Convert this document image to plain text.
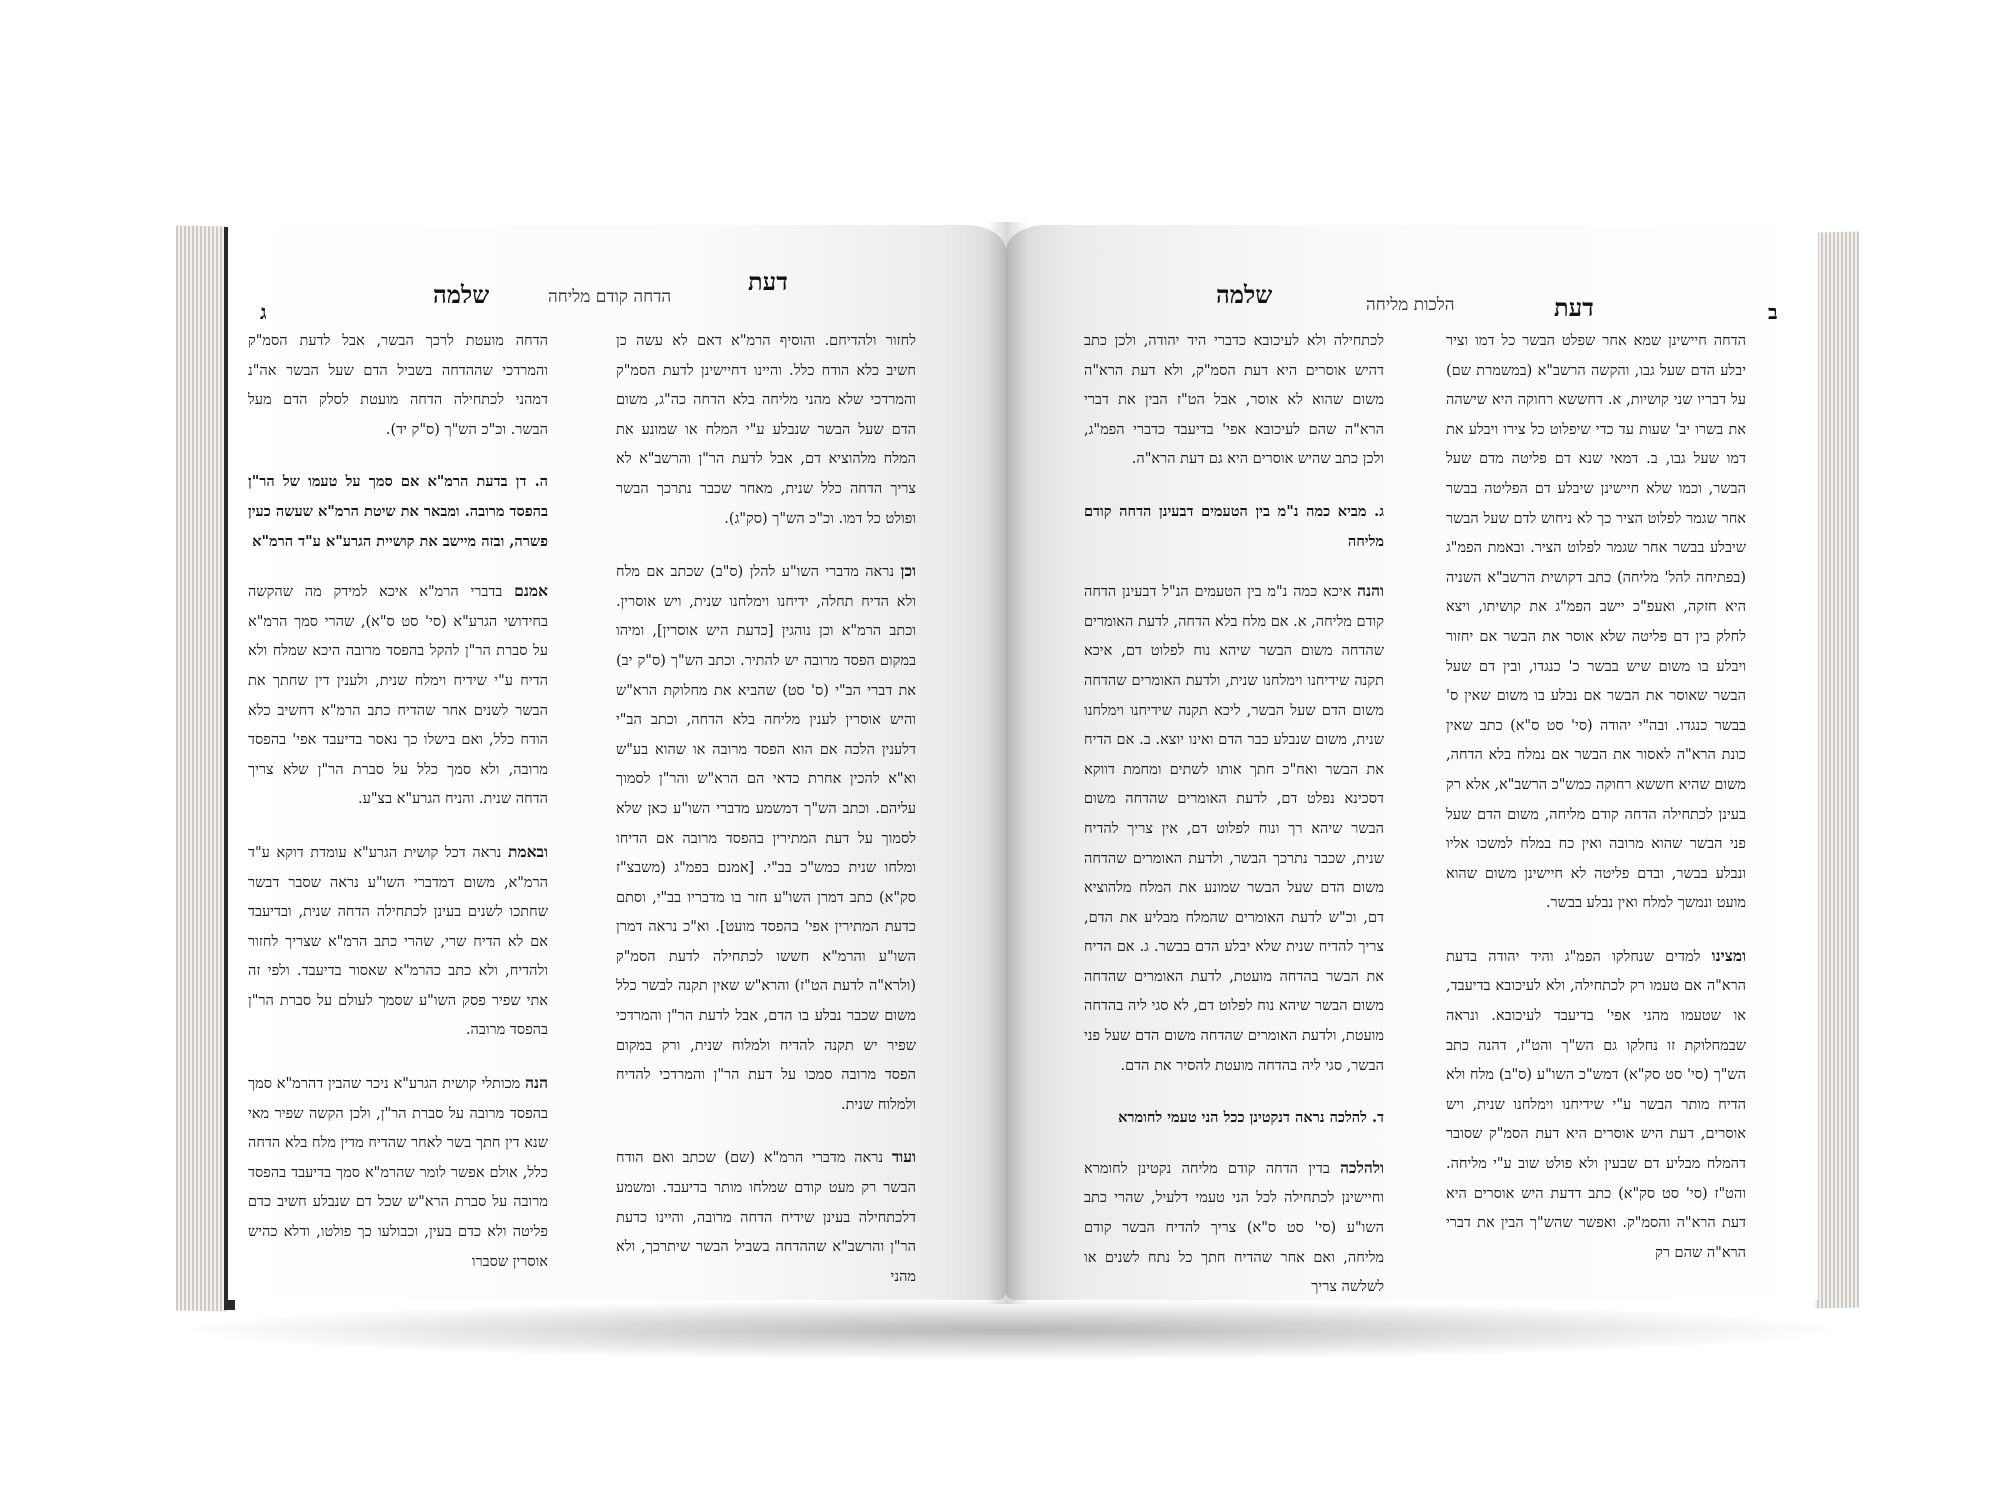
ג
שלמה	הדחה קודם מליחה
דעת

הדחה מועטת לרכך הבשר, אבל לדעת הסמ"ק והמרדכי שההדחה בשביל הדם שעל הבשר אה"נ דמהני לכתחילה הדחה מועטת לסלק הדם מעל הבשר. וכ"כ הש"ך (ס"ק יד).

ה. דן בדעת הרמ"א אם סמך על טעמו של הר"ן בהפסד מרובה. ומבאר את שיטת הרמ"א שעשה כעין פשרה, ובזה מיישב את קושיית הגרע"א ע"ד הרמ"א

אמנם בדברי הרמ"א איכא למידק מה שהקשה בחידושי הגרע"א (סי' סט ס"א), שהרי סמך הרמ"א על סברת הר"ן להקל בהפסד מרובה היכא שמלח ולא הדיח ע"י שידיח וימלח שנית, ולענין דין שחתך את הבשר לשנים אחר שהדיח כתב הרמ"א דחשיב כלא הודח כלל, ואם בישלו כך נאסר בדיעבד אפי' בהפסד מרובה, ולא סמך כלל על סברת הר"ן שלא צריך הדחה שנית. והניח הגרע"א בצ"ע.

ובאמת נראה דכל קושית הגרע"א עומדת דוקא ע"ד הרמ"א, משום דמדברי השו"ע נראה שסבר דבשר שחתכו לשנים בעינן לכתחילה הדחה שנית, ובדיעבד אם לא הדיח שרי, שהרי כתב הרמ"א שצריך לחזור ולהדיח, ולא כתב כהרמ"א שאסור בדיעבד. ולפי זה אתי שפיר פסק השו"ע שסמך לעולם על סברת הר"ן בהפסד מרובה.

הנה מכותלי קושית הגרע"א ניכר שהבין דהרמ"א סמך בהפסד מרובה על סברת הר"ן, ולכן הקשה שפיר מאי שנא דין חתך בשר לאחר שהדיח מדין מלח בלא הדחה כלל, אולם אפשר לומר שהרמ"א סמך בדיעבד בהפסד מרובה על סברת הרא"ש שכל דם שנבלע חשיב כדם פליטה ולא כדם בעין, וכבולעו כך פולטו, ודלא כהיש אוסרין שסברו

לחזור ולהדיחם. והוסיף הרמ"א דאם לא עשה כן חשיב כלא הודח כלל. והיינו דחיישינן לדעת הסמ"ק והמרדכי שלא מהני מליחה בלא הדחה כה"ג, משום הדם שעל הבשר שנבלע ע"י המלח או שמונע את המלח מלהוציא דם, אבל לדעת הר"ן והרשב"א לא צריך הדחה כלל שנית, מאחר שכבר נתרכך הבשר ופולט כל דמו. וכ"כ הש"ך (סק"ג).

וכן נראה מדברי השו"ע להלן (ס"ב) שכתב אם מלח ולא הדיח תחלה, ידיחנו וימלחנו שנית, ויש אוסרין. וכתב הרמ"א וכן נוהגין [כדעת היש אוסרין], ומיהו במקום הפסד מרובה יש להתיר. וכתב הש"ך (ס"ק יב) את דברי הב"י (ס' סט) שהביא את מחלוקת הרא"ש והיש אוסרין לענין מליחה בלא הדחה, וכתב הב"י דלענין הלכה אם הוא הפסד מרובה או שהוא בע"ש וא"א להכין אחרת כדאי הם הרא"ש והר"ן לסמוך עליהם. וכתב הש"ך דמשמע מדברי השו"ע כאן שלא לסמוך על דעת המתירין בהפסד מרובה אם הדיחו ומלחו שנית כמש"כ בב"י. [אמנם בפמ"ג (משבצ"ז סק"א) כתב דמרן השו"ע חזר בו מדבריו בב"י, וסתם כדעת המתירין אפי' בהפסד מועט]. וא"כ נראה דמרן השו"ע והרמ"א חששו לכתחילה לדעת הסמ"ק (ולרא"ה לדעת הט"ז) והרא"ש שאין תקנה לבשר כלל משום שכבר נבלע בו הדם, אבל לדעת הר"ן והמרדכי שפיר יש תקנה להדיח ולמלוח שנית, ורק במקום הפסד מרובה סמכו על דעת הר"ן והמרדכי להדיח ולמלוח שנית.

ועוד נראה מדברי הרמ"א (שם) שכתב ואם הודח הבשר רק מעט קודם שמלחו מותר בדיעבד. ומשמע דלכתחילה בעינן שידיח הדחה מרובה, והיינו כדעת הר"ן והרשב"א שההדחה בשביל הבשר שיתרכך, ולא מהני

שלמה	הלכות מליחה	דעת	ב

לכתחילה ולא לעיכובא כדברי היד יהודה, ולכן כתב דהיש אוסרים היא דעת הסמ"ק, ולא דעת הרא"ה משום שהוא לא אוסר, אבל הט"ז הבין את דברי הרא"ה שהם לעיכובא אפי' בדיעבד כדברי הפמ"ג, ולכן כתב שהיש אוסרים היא גם דעת הרא"ה.

ג. מביא כמה נ"מ בין הטעמים דבעינן הדחה קודם מליחה

והנה איכא כמה נ"מ בין הטעמים הנ"ל דבעינן הדחה קודם מליחה, א. אם מלח בלא הדחה, לדעת האומרים שהדחה משום הבשר שיהא נוח לפלוט דם, איכא תקנה שידיחנו וימלחנו שנית, ולדעת האומרים שהדחה משום הדם שעל הבשר, ליכא תקנה שידיחנו וימלחנו שנית, משום שנבלע כבר הדם ואינו יוצא. ב. אם הדיח את הבשר ואח"כ חתך אותו לשתים ומחמת דווקא דסכינא נפלט דם, לדעת האומרים שהדחה משום הבשר שיהא רך ונוח לפלוט דם, אין צריך להדיח שנית, שכבר נתרכך הבשר, ולדעת האומרים שהדחה משום הדם שעל הבשר שמונע את המלח מלהוציא דם, וכ"ש לדעת האומרים שהמלח מבליע את הדם, צריך להדיח שנית שלא יבלע הדם בבשר. ג. אם הדיח את הבשר בהדחה מועטת, לדעת האומרים שהדחה משום הבשר שיהא נוח לפלוט דם, לא סגי ליה בהדחה מועטת, ולדעת האומרים שהדחה משום הדם שעל פני הבשר, סגי ליה בהדחה מועטת להסיר את הדם.

ד. להלכה נראה דנקטינן ככל הני טעמי לחומרא

ולהלכה בדין הדחה קודם מליחה נקטינן לחומרא וחיישינן לכתחילה לכל הני טעמי דלעיל, שהרי כתב השו"ע (סי' סט ס"א) צריך להדיח הבשר קודם מליחה, ואם אחר שהדיח חתך כל נתח לשנים או לשלשה צריך

הדחה חיישינן שמא אחר שפלט הבשר כל דמו וציר יבלע הדם שעל גבו, והקשה הרשב"א (במשמרת שם) על דבריו שני קושיות, א. דחששא רחוקה היא שישהה את בשרו יב' שעות עד כדי שיפלוט כל צירו ויבלע את דמו שעל גבו, ב. דמאי שנא דם פליטה מדם שעל הבשר, וכמו שלא חיישינן שיבלע דם הפליטה בבשר אחר שגמר לפלוט הציר כך לא ניחוש לדם שעל הבשר שיבלע בבשר אחר שגמר לפלוט הציר. ובאמת הפמ"ג (בפתיחה להל' מליחה) כתב דקושית הרשב"א השניה היא חזקה, ואעפ"כ יישב הפמ"ג את קושיתו, ויצא לחלק בין דם פליטה שלא אוסר את הבשר אם יחזור ויבלע בו משום שיש בבשר כ' כנגדו, ובין דם שעל הבשר שאוסר את הבשר אם נבלע בו משום שאין ס' בבשר כנגדו. ובה"י יהודה (סי' סט ס"א) כתב שאין כונת הרא"ה לאסור את הבשר אם נמלח בלא הדחה, משום שהיא חששא רחוקה כמש"כ הרשב"א, אלא רק בעינן לכתחילה הדחה קודם מליחה, משום הדם שעל פני הבשר שהוא מרובה ואין כח במלח למשכו אליו ונבלע בבשר, ובדם פליטה לא חיישינן משום שהוא מועט ונמשך למלח ואין נבלע בבשר.

ומצינו למדים שנחלקו הפמ"ג והיד יהודה בדעת הרא"ה אם טעמו רק לכתחילה, ולא לעיכובא בדיעבד, או שטעמו מהני אפי' בדיעבד לעיכובא. ונראה שבמחלוקת זו נחלקו גם הש"ך והט"ז, דהנה כתב הש"ך (סי' סט סק"א) דמש"כ השו"ע (ס"ב) מלח ולא הדיח מותר הבשר ע"י שידיחנו וימלחנו שנית, ויש אוסרים, דעת היש אוסרים היא דעת הסמ"ק שסובר דהמלח מבליע דם שבעין ולא פולט שוב ע"י מליחה. והט"ז (סי' סט סק"א) כתב דדעת היש אוסרים היא דעת הרא"ה והסמ"ק. ואפשר שהש"ך הבין את דברי הרא"ה שהם רק
